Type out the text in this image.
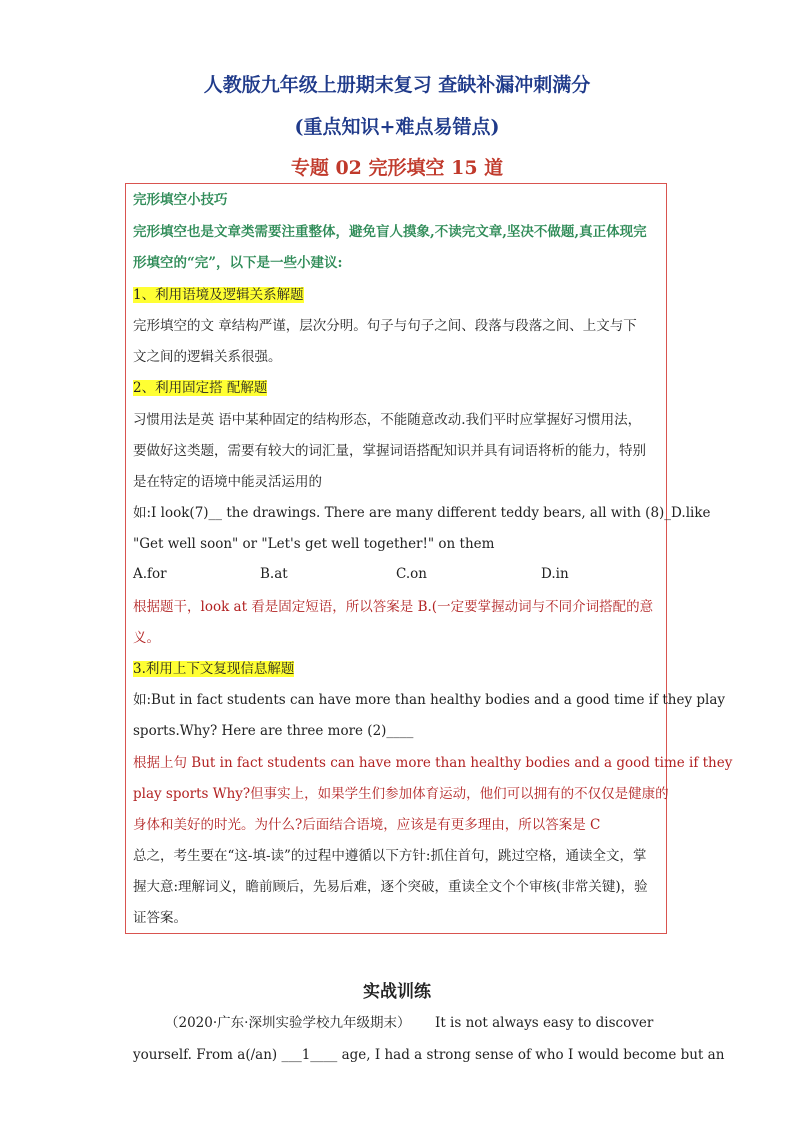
人教版九年级上册期末复习 查缺补漏冲刺满分
(重点知识+难点易错点)
专题 02 完形填空 15 道
完形填空小技巧
完形填空也是文章类需要注重整体，避免盲人摸象,不读完文章,坚决不做题,真正体现完
形填空的“完”，以下是一些小建议:
1、利用语境及逻辑关系解题
完形填空的文 章结构严谨，层次分明。句子与句子之间、段落与段落之间、上文与下
文之间的逻辑关系很强。
2、利用固定搭 配解题
习惯用法是英 语中某种固定的结构形态，不能随意改动.我们平时应掌握好习惯用法，
要做好这类题，需要有较大的词汇量，掌握词语搭配知识并具有词语将析的能力，特别
是在特定的语境中能灵活运用的
如:I look(7)__ the drawings. There are many different teddy bears, all with (8)_D.like
"Get well soon" or "Let's get well together!" on them
A.for	B.at	C.on	D.in
根据题干，look at 看是固定短语，所以答案是 B.(一定要掌握动词与不同介词搭配的意
义。
3.利用上下文复现信息解题
如:But in fact students can have more than healthy bodies and a good time if they play
sports.Why? Here are three more (2)____
根据上句 But in fact students can have more than healthy bodies and a good time if they
play sports Why?但事实上，如果学生们参加体育运动，他们可以拥有的不仅仅是健康的
身体和美好的时光。为什么?后面结合语境，应该是有更多理由，所以答案是 C
总之，考生要在“这-填-读”的过程中遵循以下方针:抓住首句，跳过空格，通读全文，掌
握大意:理解词义，瞻前顾后，先易后难，逐个突破，重读全文个个审核(非常关键)，验
证答案。
实战训练
（2020·广东·深圳实验学校九年级期末） It is not always easy to discover
yourself. From a(/an) ___1____ age, I had a strong sense of who I would become but an
